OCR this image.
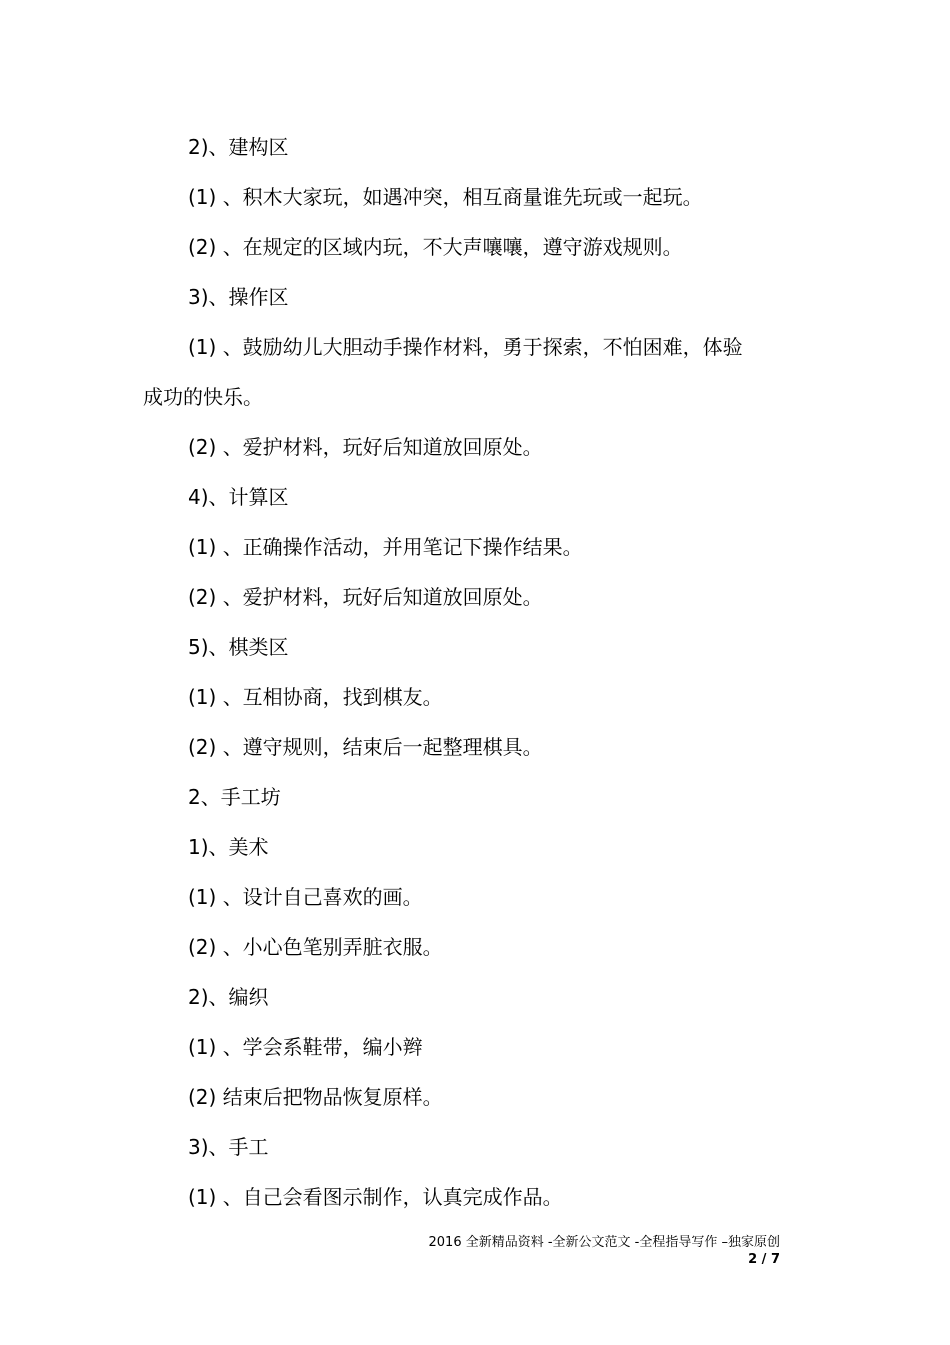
2)、建构区

(1) 、积木大家玩，如遇冲突，相互商量谁先玩或一起玩。

(2) 、在规定的区域内玩，不大声嚷嚷，遵守游戏规则。

3)、操作区

(1) 、鼓励幼儿大胆动手操作材料，勇于探索，不怕困难，体验

成功的快乐。

(2) 、爱护材料，玩好后知道放回原处。

4)、计算区

(1) 、正确操作活动，并用笔记下操作结果。

(2) 、爱护材料，玩好后知道放回原处。

5)、棋类区

(1) 、互相协商，找到棋友。

(2) 、遵守规则，结束后一起整理棋具。

2、手工坊

1)、美术

(1) 、设计自己喜欢的画。

(2) 、小心色笔别弄脏衣服。

2)、编织

(1) 、学会系鞋带，编小辫

(2) 结束后把物品恢复原样。

3)、手工

(1) 、自己会看图示制作，认真完成作品。

2016 全新精品资料 -全新公文范文 -全程指导写作 –独家原创
2 / 7
